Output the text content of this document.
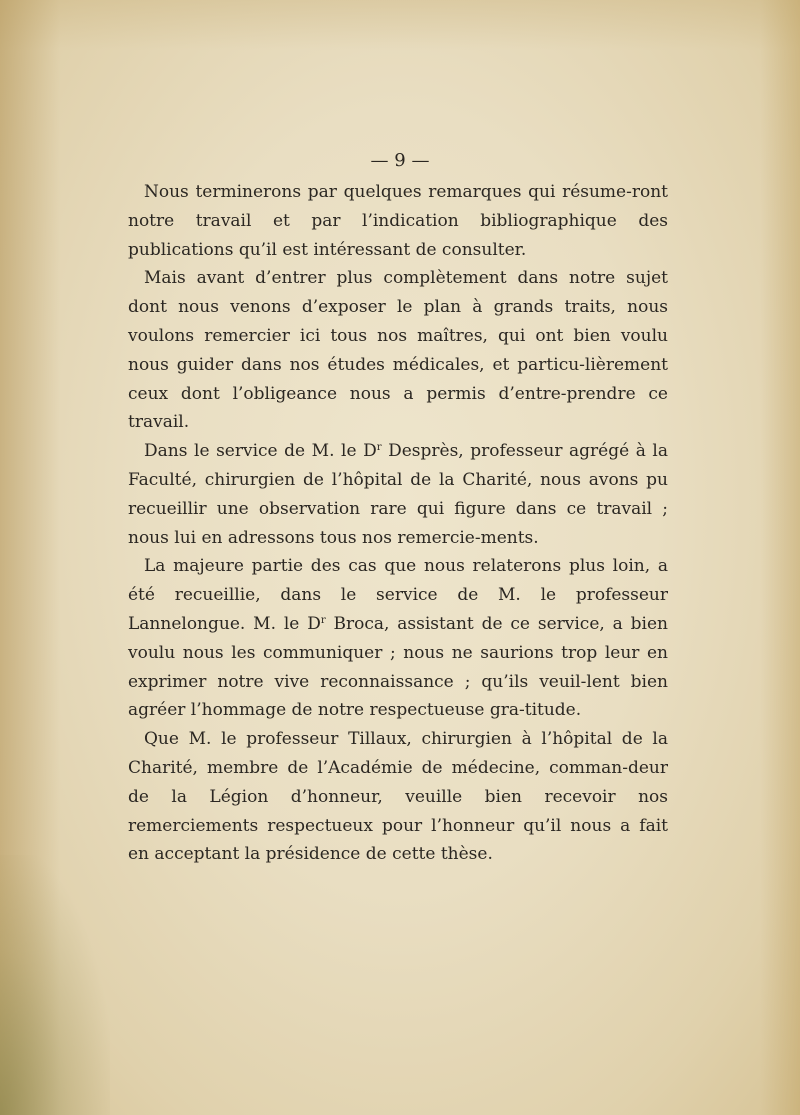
— 9 —

Nous terminerons par quelques remarques qui résume-ront notre travail et par l’indication bibliographique des publications qu’il est intéressant de consulter.

Mais avant d’entrer plus complètement dans notre sujet dont nous venons d’exposer le plan à grands traits, nous voulons remercier ici tous nos maîtres, qui ont bien voulu nous guider dans nos études médicales, et particu-lièrement ceux dont l’obligeance nous a permis d’entre-prendre ce travail.

Dans le service de M. le $D^r$ Desprès, professeur agrégé à la Faculté, chirurgien de l’hôpital de la Charité, nous avons pu recueillir une observation rare qui figure dans ce travail ; nous lui en adressons tous nos remercie-ments.

La majeure partie des cas que nous relaterons plus loin, a été recueillie, dans le service de M. le professeur Lannelongue. M. le $D^r$ Broca, assistant de ce service, a bien voulu nous les communiquer ; nous ne saurions trop leur en exprimer notre vive reconnaissance ; qu’ils veuil-lent bien agréer l’hommage de notre respectueuse gra-titude.

Que M. le professeur Tillaux, chirurgien à l’hôpital de la Charité, membre de l’Académie de médecine, comman-deur de la Légion d’honneur, veuille bien recevoir nos remerciements respectueux pour l’honneur qu’il nous a fait en acceptant la présidence de cette thèse.
